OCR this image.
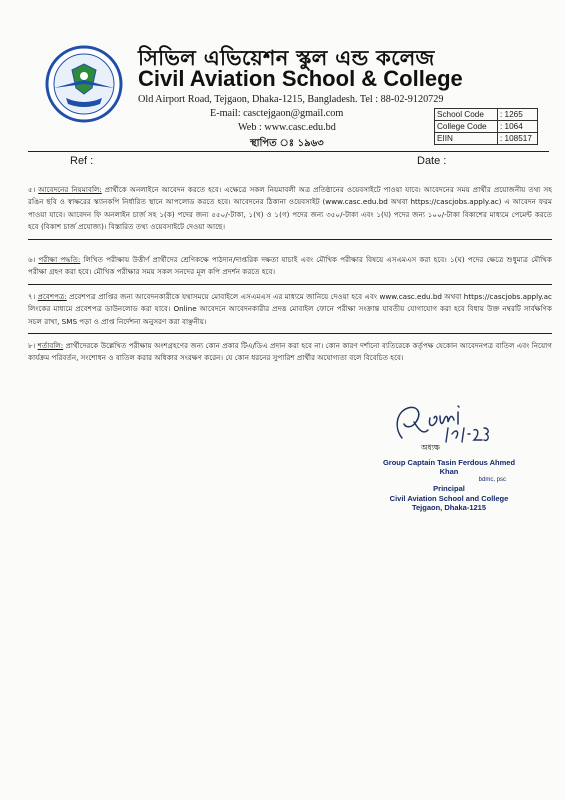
সিভিল এভিয়েশন স্কুল এন্ড কলেজ
Civil Aviation School & College
Old Airport Road, Tejgaon, Dhaka-1215, Bangladesh. Tel : 88-02-9120729
E-mail: cascteјgaon@gmail.com
Web : www.casc.edu.bd
স্থাপিত ঃ ১৯৬৩
School Code	: 1265
College Code	: 1064
EIIN	: 108517
Ref :	Date :
৫। আবেদনের নিয়মাবলি: প্রার্থীকে অনলাইনে আবেদন করতে হবে। এক্ষেত্রে সকল নিয়মাবলী অত্র প্রতিষ্ঠানের ওয়েবসাইটে পাওয়া যাবে। আবেদনের সময় প্রার্থীর প্রয়োজনীয় তথ্য সহ রঙিন ছবি ও স্বাক্ষরের স্ক্যানকপি নির্ধারিত স্থানে আপলোড করতে হবে। আবেদনের ঠিকানা ওয়েবসাইট (www.casc.edu.bd অথবা https://cascjobs.apply.ac) এ আবেদন ফরম পাওয়া যাবে। আবেদন ফি অনলাইন চার্জ সহ ১(ক) পদের জন্য ৫৫০/-টাকা, ১(খ) ও ১(গ) পদের জন্য ৩৫০/-টাকা এবং ১(ঘ) পদের জন্য ১০০/-টাকা বিকাশের মাধ্যমে পেমেন্ট করতে হবে (বিকাশ চার্জ প্রযোজ্য)। বিস্তারিত তথ্য ওয়েবসাইটে দেওয়া আছে।
৬। পরীক্ষা পদ্ধতি: লিখিত পরীক্ষায় উত্তীর্ণ প্রার্থীদের শ্রেণিকক্ষে পাঠদান/দাপ্তরিক দক্ষতা যাচাই এবং মৌখিক পরীক্ষার বিষয়ে এসএমএস করা হবে। ১(ঘ) পদের ক্ষেত্রে শুধুমাত্র মৌখিক পরীক্ষা গ্রহণ করা হবে। মৌখিক পরীক্ষার সময় সকল সনদের মূল কপি প্রদর্শন করতে হবে।
৭। প্রবেশপত্র: প্রবেশপত্র প্রাপ্তির জন্য আবেদনকারীকে যথাসময়ে মোবাইলে এসএমএস এর মাধ্যমে জানিয়ে দেওয়া হবে এবং www.casc.edu.bd অথবা https://cascjobs.apply.ac লিংকের মাধ্যমে প্রবেশপত্র ডাউনলোড করা যাবে। Online আবেদনে আবেদনকারীর প্রদত্ত মোবাইল ফোনে পরীক্ষা সংক্রান্ত যাবতীয় যোগাযোগ করা হবে বিধায় উক্ত নম্বরটি সার্বক্ষণিক সচল রাখা, SMS পড়া ও প্রাপ্ত নির্দেশনা অনুসরণ করা বাঞ্ছনীয়।
৮। শর্তাবলি: প্রার্থীদেরকে উল্লেখিত পরীক্ষায় অংশগ্রহণের জন্য কোন প্রকার টিএ/ডিএ প্রদান করা হবে না। কোন কারণ দর্শানো ব্যতিরেকে কর্তৃপক্ষ যেকোন আবেদনপত্র বাতিল এবং নিয়োগ কার্যক্রম পরিবর্তন, সংশোধন ও বাতিল করার অধিকার সংরক্ষণ করেন। যে কোন ধরনের সুপারিশ প্রার্থীর অযোগ্যতা বলে বিবেচিত হবে।
অধ্যক্ষ
Group Captain Tasin Ferdous Ahmed Khan
bdmc, psc
Principal
Civil Aviation School and College
Tejgaon, Dhaka-1215
